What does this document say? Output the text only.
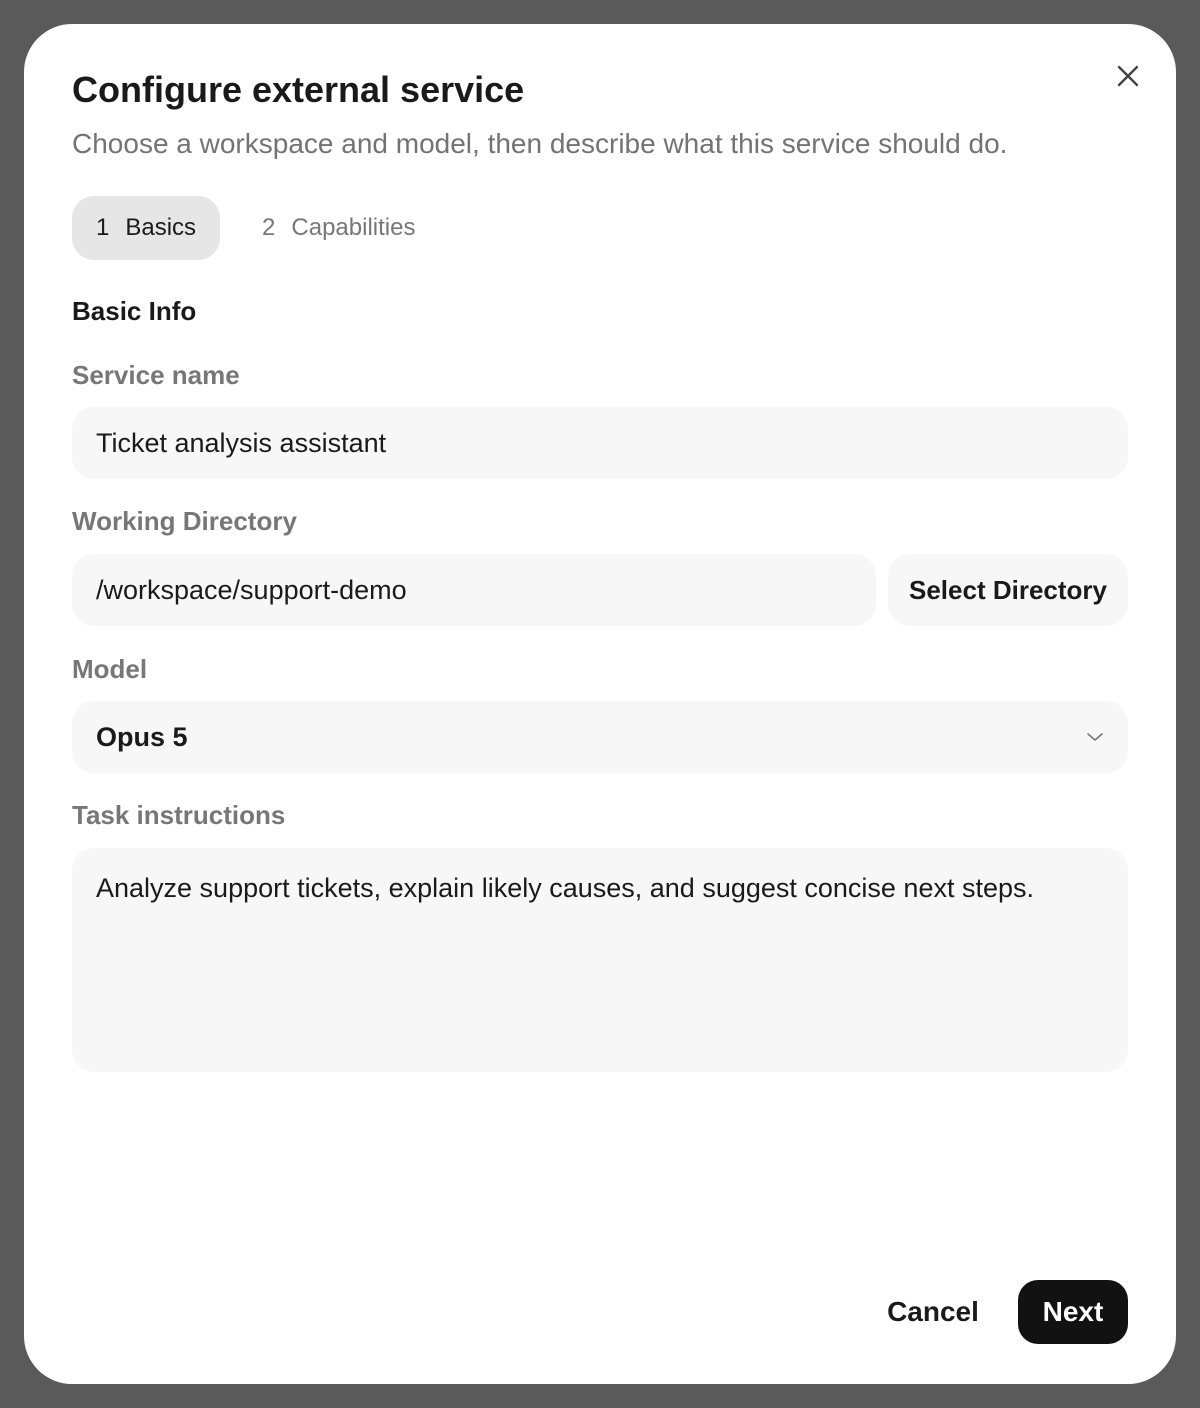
Configure external service

Choose a workspace and model, then describe what this service should do.

1 Basics	2 Capabilities
Basic Info
Service name
Ticket analysis assistant
Working Directory
/workspace/support-demo
Select Directory
Model
Opus 5
Task instructions
Analyze support tickets, explain likely causes, and suggest concise next steps.
Cancel	Next
